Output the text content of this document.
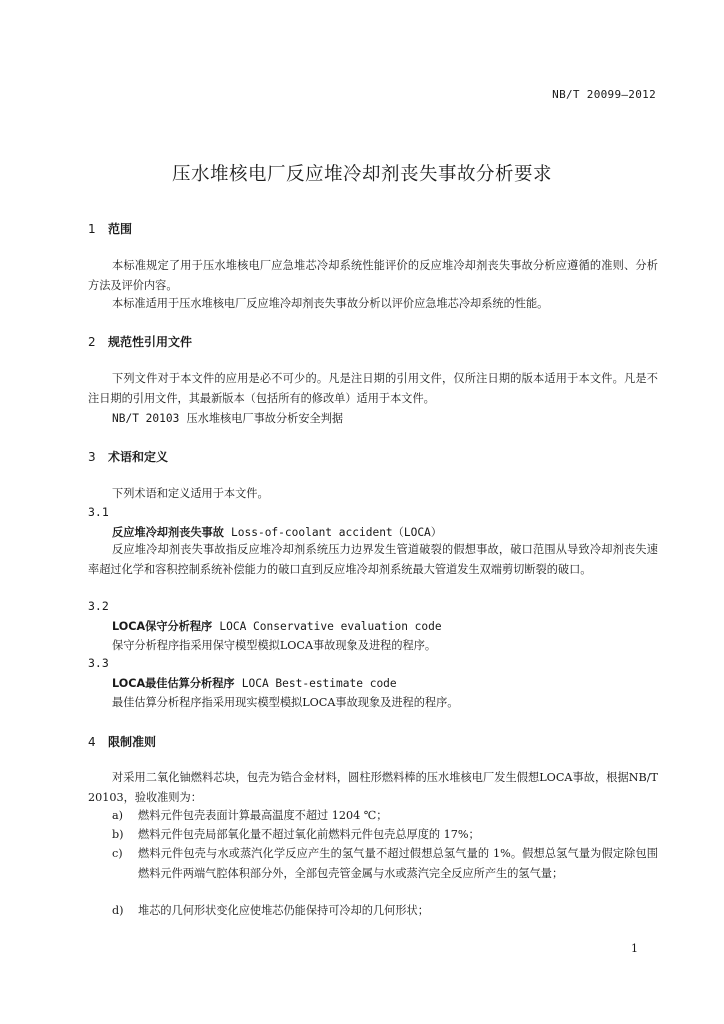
NB/T 20099—2012
压水堆核电厂反应堆冷却剂丧失事故分析要求
1 范围
本标准规定了用于压水堆核电厂应急堆芯冷却系统性能评价的反应堆冷却剂丧失事故分析应遵循的准则、分析方法及评价内容。
本标准适用于压水堆核电厂反应堆冷却剂丧失事故分析以评价应急堆芯冷却系统的性能。
2 规范性引用文件
下列文件对于本文件的应用是必不可少的。凡是注日期的引用文件，仅所注日期的版本适用于本文件。凡是不注日期的引用文件，其最新版本（包括所有的修改单）适用于本文件。
NB/T 20103 压水堆核电厂事故分析安全判据
3 术语和定义
下列术语和定义适用于本文件。
3.1
反应堆冷却剂丧失事故 Loss-of-coolant accident（LOCA）
反应堆冷却剂丧失事故指反应堆冷却剂系统压力边界发生管道破裂的假想事故，破口范围从导致冷却剂丧失速率超过化学和容积控制系统补偿能力的破口直到反应堆冷却剂系统最大管道发生双端剪切断裂的破口。
3.2
LOCA保守分析程序 LOCA Conservative evaluation code
保守分析程序指采用保守模型模拟LOCA事故现象及进程的程序。
3.3
LOCA最佳估算分析程序 LOCA Best-estimate code
最佳估算分析程序指采用现实模型模拟LOCA事故现象及进程的程序。
4 限制准则
对采用二氧化铀燃料芯块，包壳为锆合金材料，圆柱形燃料棒的压水堆核电厂发生假想LOCA事故，根据NB/T 20103，验收准则为：
a) 燃料元件包壳表面计算最高温度不超过 1204 ℃；
b) 燃料元件包壳局部氧化量不超过氧化前燃料元件包壳总厚度的 17%；
c) 燃料元件包壳与水或蒸汽化学反应产生的氢气量不超过假想总氢气量的 1%。假想总氢气量为假定除包围燃料元件两端气腔体积部分外，全部包壳管金属与水或蒸汽完全反应所产生的氢气量；
d) 堆芯的几何形状变化应使堆芯仍能保持可冷却的几何形状；
1
